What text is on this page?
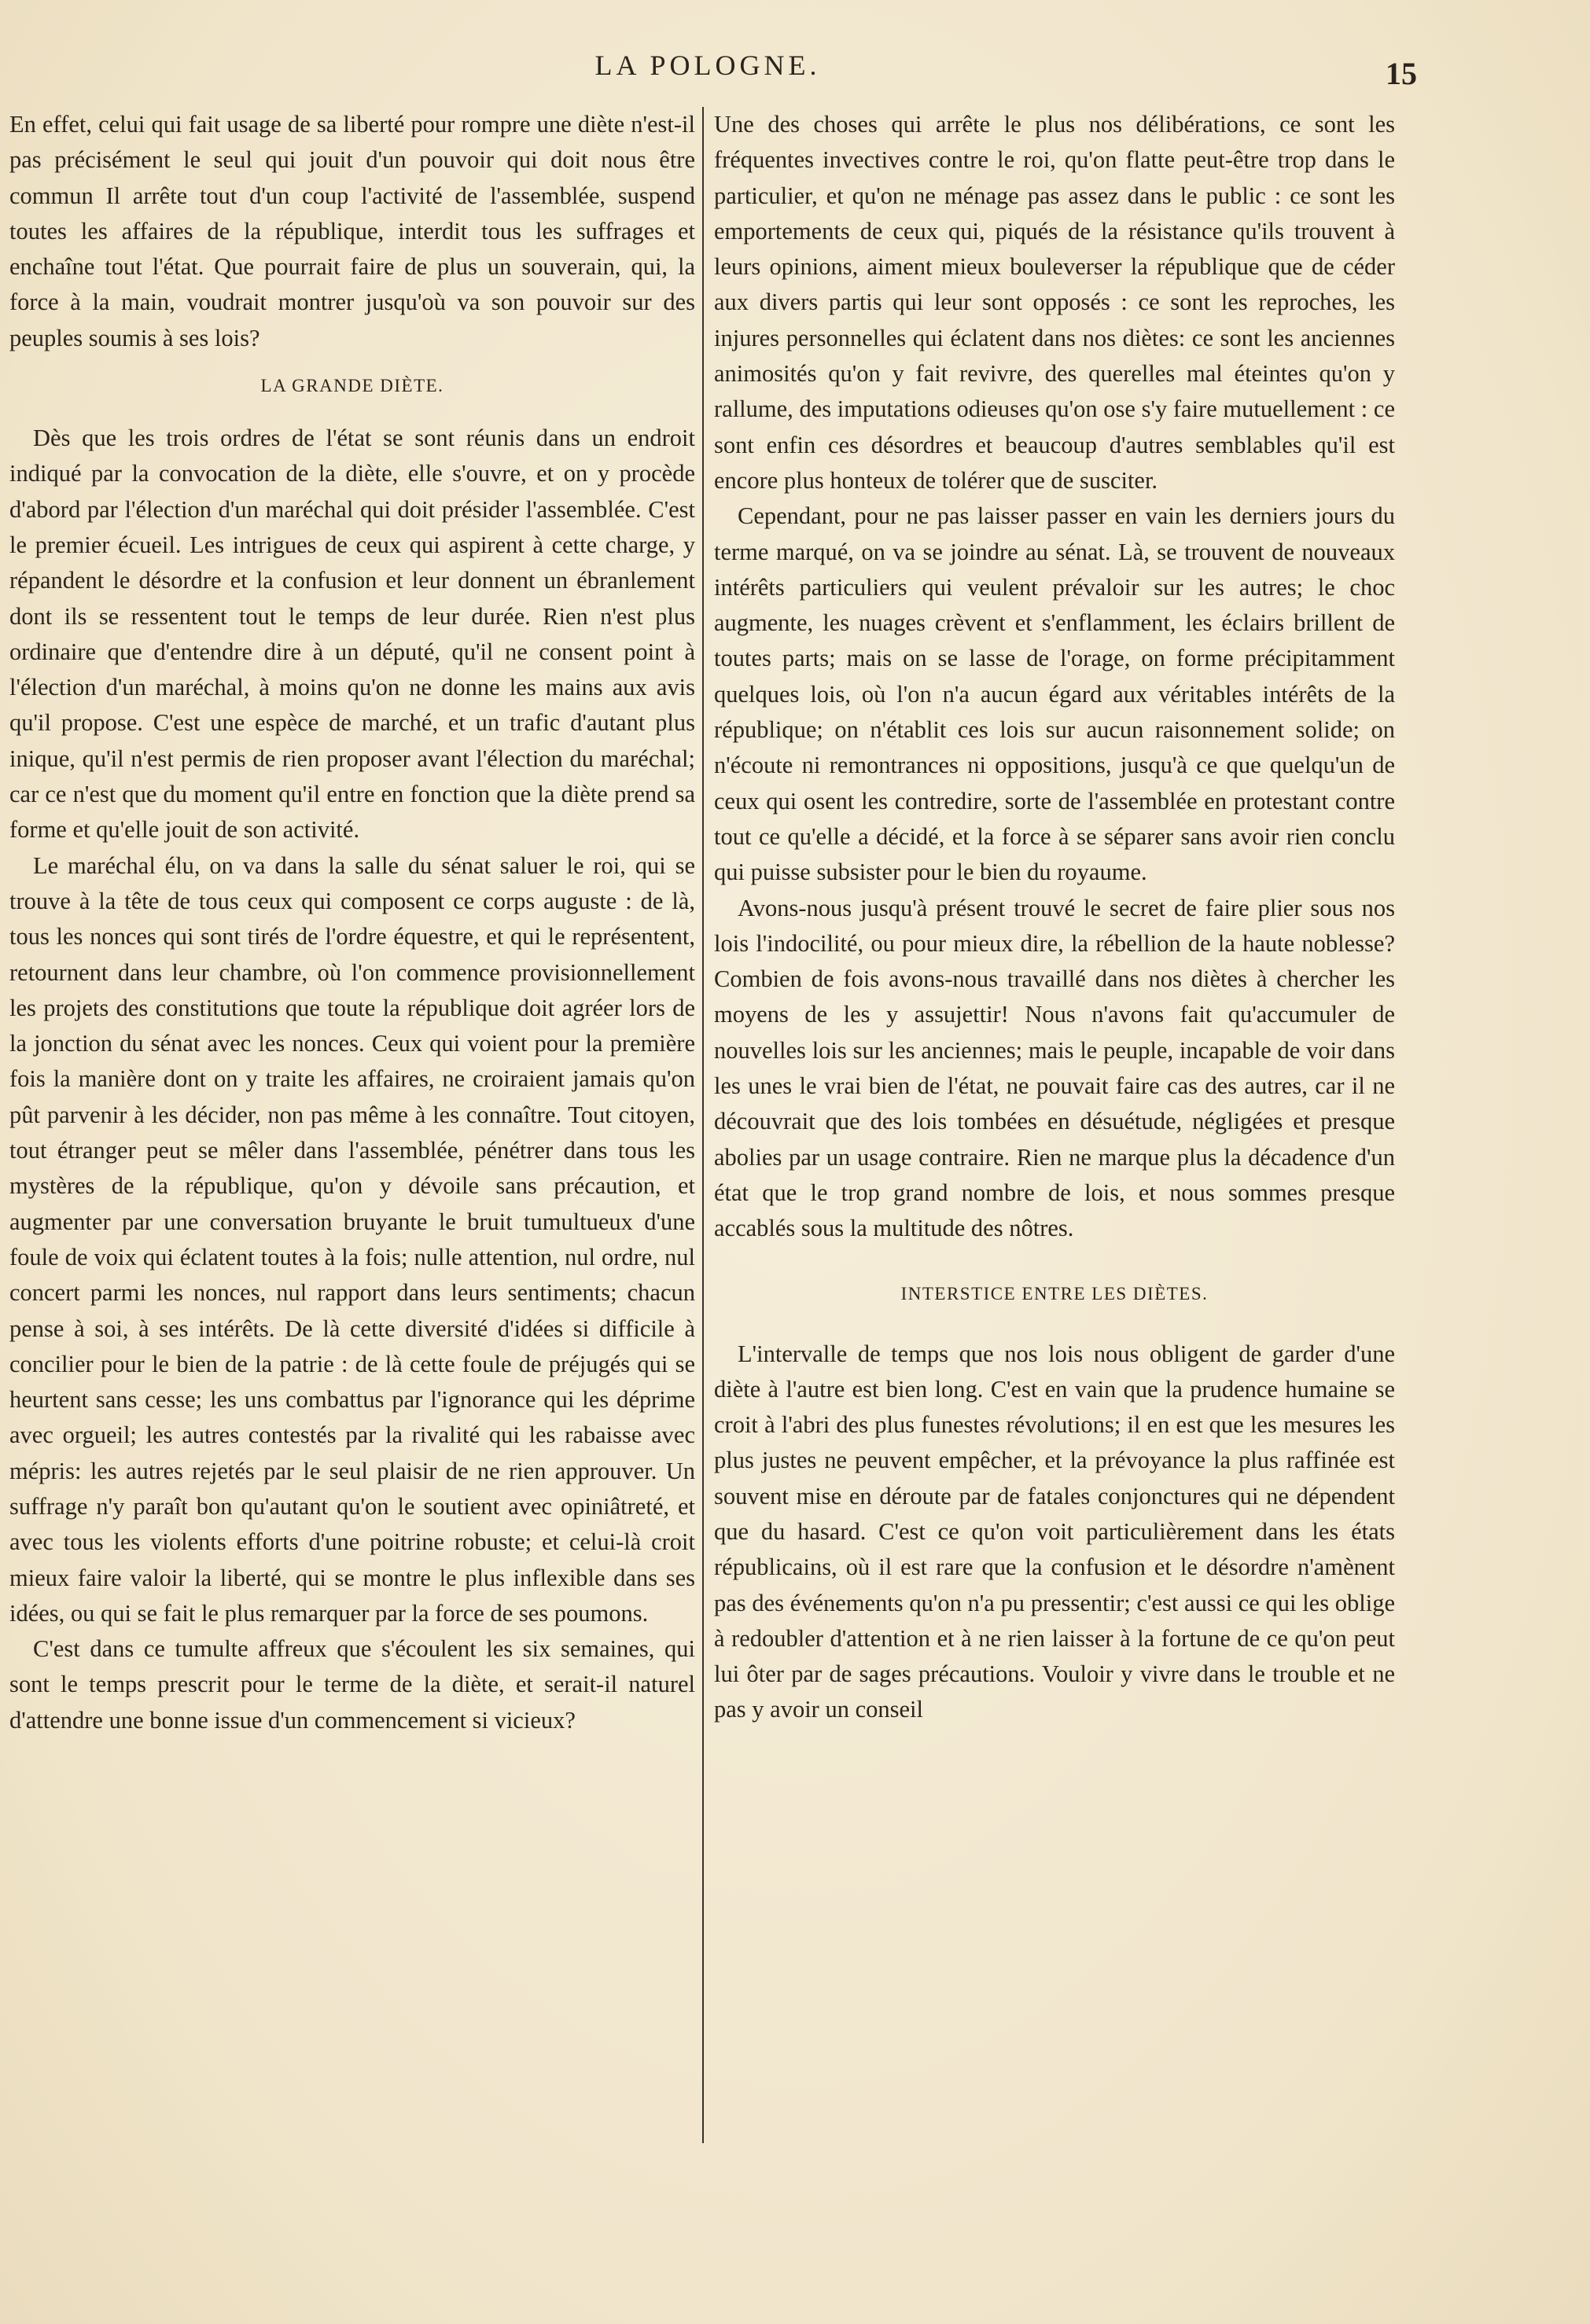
LA POLOGNE.	15

En effet, celui qui fait usage de sa liberté pour rompre une diète n'est-il pas précisément le seul qui jouit d'un pouvoir qui doit nous être commun Il arrête tout d'un coup l'activité de l'assemblée, suspend toutes les affaires de la république, interdit tous les suffrages et enchaîne tout l'état. Que pourrait faire de plus un souverain, qui, la force à la main, voudrait montrer jusqu'où va son pouvoir sur des peuples soumis à ses lois?

LA GRANDE DIÈTE.

Dès que les trois ordres de l'état se sont réunis dans un endroit indiqué par la convocation de la diète, elle s'ouvre, et on y procède d'abord par l'élection d'un maréchal qui doit présider l'assemblée. C'est le premier écueil. Les intrigues de ceux qui aspirent à cette charge, y répandent le désordre et la confusion et leur donnent un ébranlement dont ils se ressentent tout le temps de leur durée. Rien n'est plus ordinaire que d'entendre dire à un député, qu'il ne consent point à l'élection d'un maréchal, à moins qu'on ne donne les mains aux avis qu'il propose. C'est une espèce de marché, et un trafic d'autant plus inique, qu'il n'est permis de rien proposer avant l'élection du maréchal; car ce n'est que du moment qu'il entre en fonction que la diète prend sa forme et qu'elle jouit de son activité.

Le maréchal élu, on va dans la salle du sénat saluer le roi, qui se trouve à la tête de tous ceux qui composent ce corps auguste : de là, tous les nonces qui sont tirés de l'ordre équestre, et qui le représentent, retournent dans leur chambre, où l'on commence provisionnellement les projets des constitutions que toute la république doit agréer lors de la jonction du sénat avec les nonces. Ceux qui voient pour la première fois la manière dont on y traite les affaires, ne croiraient jamais qu'on pût parvenir à les décider, non pas même à les connaître. Tout citoyen, tout étranger peut se mêler dans l'assemblée, pénétrer dans tous les mystères de la république, qu'on y dévoile sans précaution, et augmenter par une conversation bruyante le bruit tumultueux d'une foule de voix qui éclatent toutes à la fois; nulle attention, nul ordre, nul concert parmi les nonces, nul rapport dans leurs sentiments; chacun pense à soi, à ses intérêts. De là cette diversité d'idées si difficile à concilier pour le bien de la patrie : de là cette foule de préjugés qui se heurtent sans cesse; les uns combattus par l'ignorance qui les déprime avec orgueil; les autres contestés par la rivalité qui les rabaisse avec mépris: les autres rejetés par le seul plaisir de ne rien approuver. Un suffrage n'y paraît bon qu'autant qu'on le soutient avec opiniâtreté, et avec tous les violents efforts d'une poitrine robuste; et celui-là croit mieux faire valoir la liberté, qui se montre le plus inflexible dans ses idées, ou qui se fait le plus remarquer par la force de ses poumons.

C'est dans ce tumulte affreux que s'écoulent les six semaines, qui sont le temps prescrit pour le terme de la diète, et serait-il naturel d'attendre une bonne issue d'un commencement si vicieux?

Une des choses qui arrête le plus nos délibérations, ce sont les fréquentes invectives contre le roi, qu'on flatte peut-être trop dans le particulier, et qu'on ne ménage pas assez dans le public : ce sont les emportements de ceux qui, piqués de la résistance qu'ils trouvent à leurs opinions, aiment mieux bouleverser la république que de céder aux divers partis qui leur sont opposés : ce sont les reproches, les injures personnelles qui éclatent dans nos diètes: ce sont les anciennes animosités qu'on y fait revivre, des querelles mal éteintes qu'on y rallume, des imputations odieuses qu'on ose s'y faire mutuellement : ce sont enfin ces désordres et beaucoup d'autres semblables qu'il est encore plus honteux de tolérer que de susciter.

Cependant, pour ne pas laisser passer en vain les derniers jours du terme marqué, on va se joindre au sénat. Là, se trouvent de nouveaux intérêts particuliers qui veulent prévaloir sur les autres; le choc augmente, les nuages crèvent et s'enflamment, les éclairs brillent de toutes parts; mais on se lasse de l'orage, on forme précipitamment quelques lois, où l'on n'a aucun égard aux véritables intérêts de la république; on n'établit ces lois sur aucun raisonnement solide; on n'écoute ni remontrances ni oppositions, jusqu'à ce que quelqu'un de ceux qui osent les contredire, sorte de l'assemblée en protestant contre tout ce qu'elle a décidé, et la force à se séparer sans avoir rien conclu qui puisse subsister pour le bien du royaume.

Avons-nous jusqu'à présent trouvé le secret de faire plier sous nos lois l'indocilité, ou pour mieux dire, la rébellion de la haute noblesse? Combien de fois avons-nous travaillé dans nos diètes à chercher les moyens de les y assujettir! Nous n'avons fait qu'accumuler de nouvelles lois sur les anciennes; mais le peuple, incapable de voir dans les unes le vrai bien de l'état, ne pouvait faire cas des autres, car il ne découvrait que des lois tombées en désuétude, négligées et presque abolies par un usage contraire. Rien ne marque plus la décadence d'un état que le trop grand nombre de lois, et nous sommes presque accablés sous la multitude des nôtres.

INTERSTICE ENTRE LES DIÈTES.

L'intervalle de temps que nos lois nous obligent de garder d'une diète à l'autre est bien long. C'est en vain que la prudence humaine se croit à l'abri des plus funestes révolutions; il en est que les mesures les plus justes ne peuvent empêcher, et la prévoyance la plus raffinée est souvent mise en déroute par de fatales conjonctures qui ne dépendent que du hasard. C'est ce qu'on voit particulièrement dans les états républicains, où il est rare que la confusion et le désordre n'amènent pas des événements qu'on n'a pu pressentir; c'est aussi ce qui les oblige à redoubler d'attention et à ne rien laisser à la fortune de ce qu'on peut lui ôter par de sages précautions. Vouloir y vivre dans le trouble et ne pas y avoir un conseil
